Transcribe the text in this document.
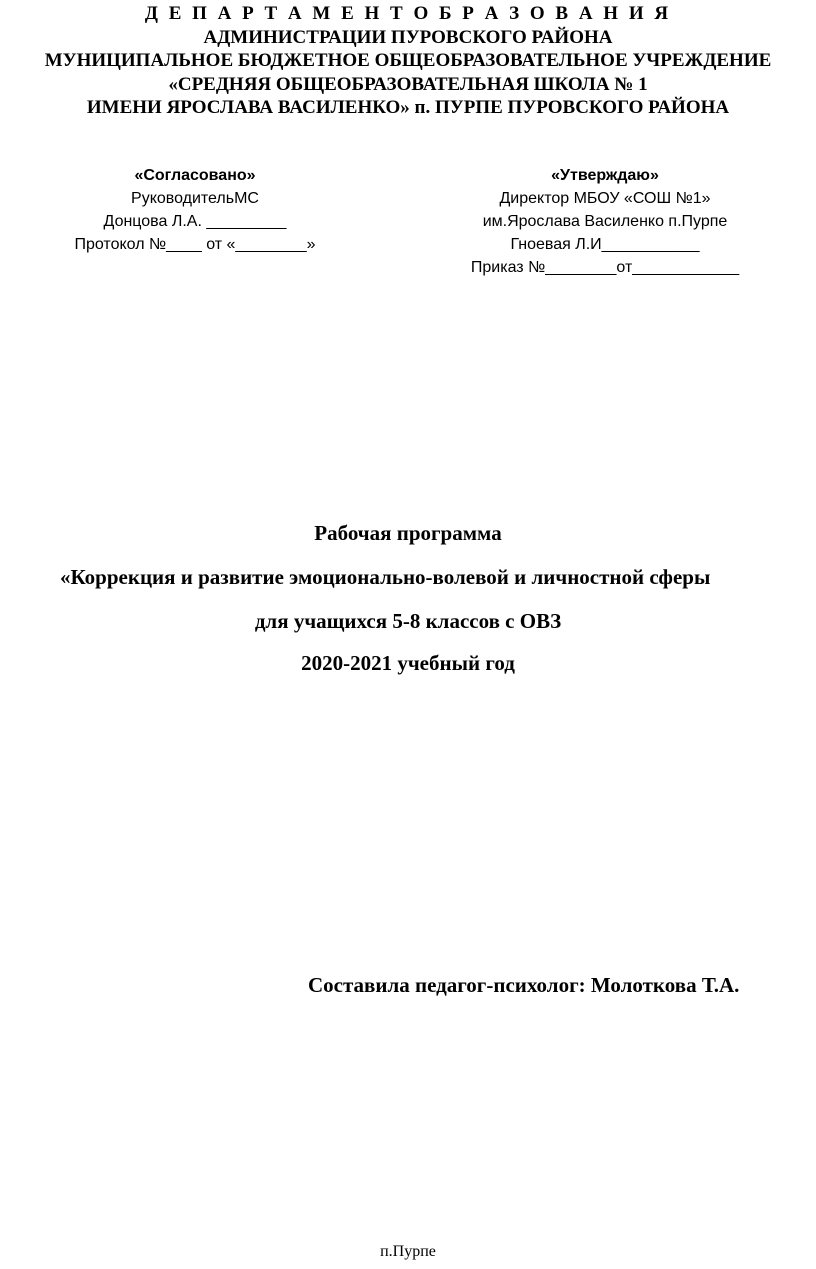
Д Е П А Р Т А М Е Н Т О Б Р А З О В А Н И Я
АДМИНИСТРАЦИИ ПУРОВСКОГО РАЙОНА
МУНИЦИПАЛЬНОЕ БЮДЖЕТНОЕ ОБЩЕОБРАЗОВАТЕЛЬНОЕ УЧРЕЖДЕНИЕ
«СРЕДНЯЯ ОБЩЕОБРАЗОВАТЕЛЬНАЯ ШКОЛА № 1
ИМЕНИ ЯРОСЛАВА ВАСИЛЕНКО» п. ПУРПЕ ПУРОВСКОГО РАЙОНА
«Согласовано»
РуководительМС
Донцова Л.А. _________
Протокол №____ от «________»
«Утверждаю»
Директор МБОУ «СОШ №1»
им.Ярослава Василенко п.Пурпе
Гноевая Л.И___________
Приказ №________от____________
Рабочая программа
«Коррекция и развитие эмоционально-волевой и личностной сферы
для учащихся 5-8 классов с ОВЗ
2020-2021 учебный год
Составила педагог-психолог: Молоткова Т.А.
п.Пурпе
